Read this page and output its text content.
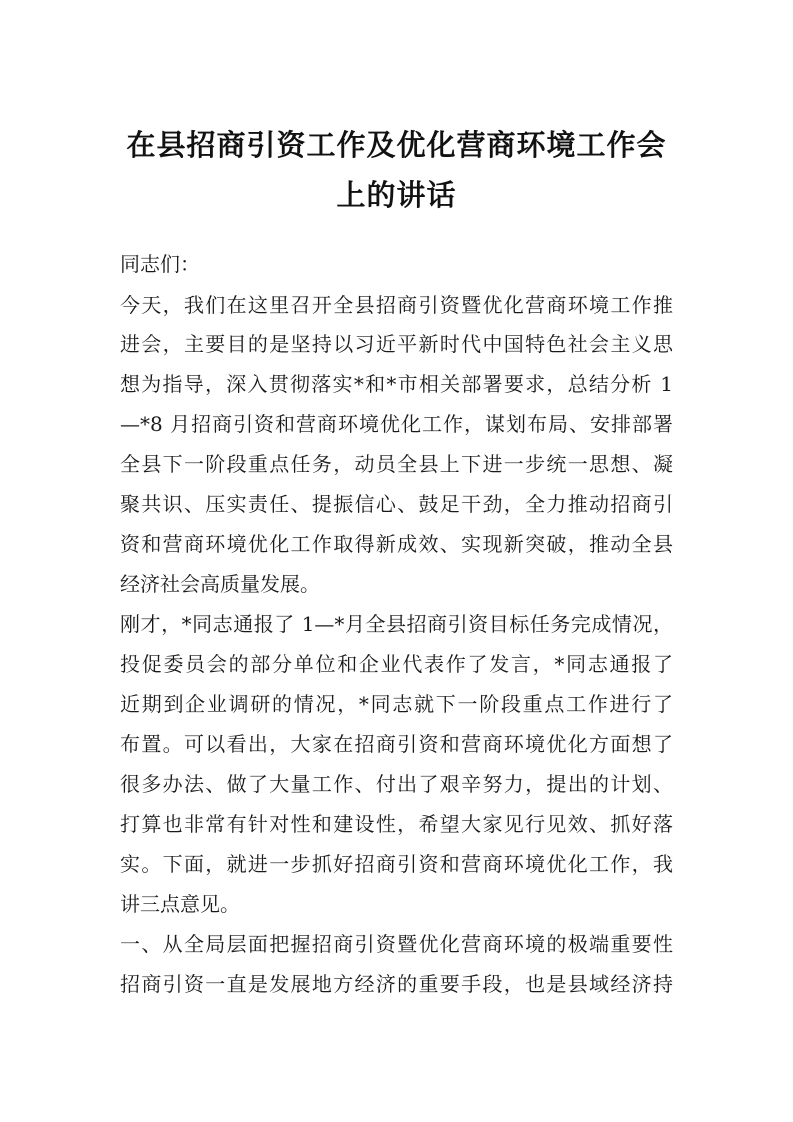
在县招商引资工作及优化营商环境工作会
上的讲话
同志们：
今天，我们在这里召开全县招商引资暨优化营商环境工作推
进会，主要目的是坚持以习近平新时代中国特色社会主义思
想为指导，深入贯彻落实*和*市相关部署要求，总结分析 1
—*8 月招商引资和营商环境优化工作，谋划布局、安排部署
全县下一阶段重点任务，动员全县上下进一步统一思想、凝
聚共识、压实责任、提振信心、鼓足干劲，全力推动招商引
资和营商环境优化工作取得新成效、实现新突破，推动全县
经济社会高质量发展。
刚才，*同志通报了 1—*月全县招商引资目标任务完成情况，
投促委员会的部分单位和企业代表作了发言，*同志通报了
近期到企业调研的情况，*同志就下一阶段重点工作进行了
布置。可以看出，大家在招商引资和营商环境优化方面想了
很多办法、做了大量工作、付出了艰辛努力，提出的计划、
打算也非常有针对性和建设性，希望大家见行见效、抓好落
实。下面，就进一步抓好招商引资和营商环境优化工作，我
讲三点意见。
一、从全局层面把握招商引资暨优化营商环境的极端重要性
招商引资一直是发展地方经济的重要手段，也是县域经济持
